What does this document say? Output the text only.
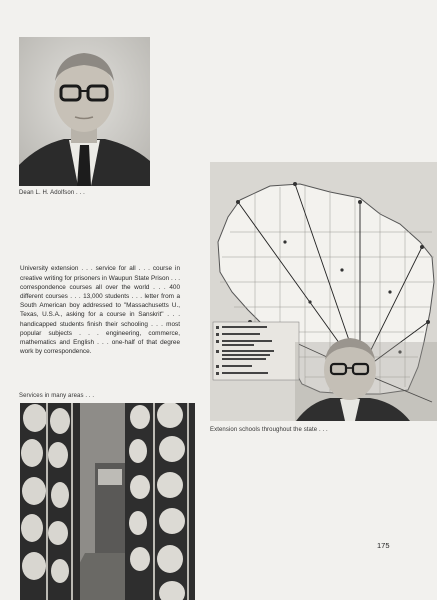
Dean L. H. Adolfson . . .

University extension . . . service for all . . . course in creative writing for prisoners in Waupun State Prison . . . correspondence courses all over the world . . . 400 different courses . . . 13,000 students . . . letter from a South American boy addressed to "Massachusetts U., Texas, U.S.A., asking for a course in Sanskrit" . . . handicapped students finish their schooling . . . most popular subjects . . . engineering, commerce, mathematics and English . . . one-half of that degree work by correspondence.

Extension schools throughout the state . . .
Services in many areas . . .
175
